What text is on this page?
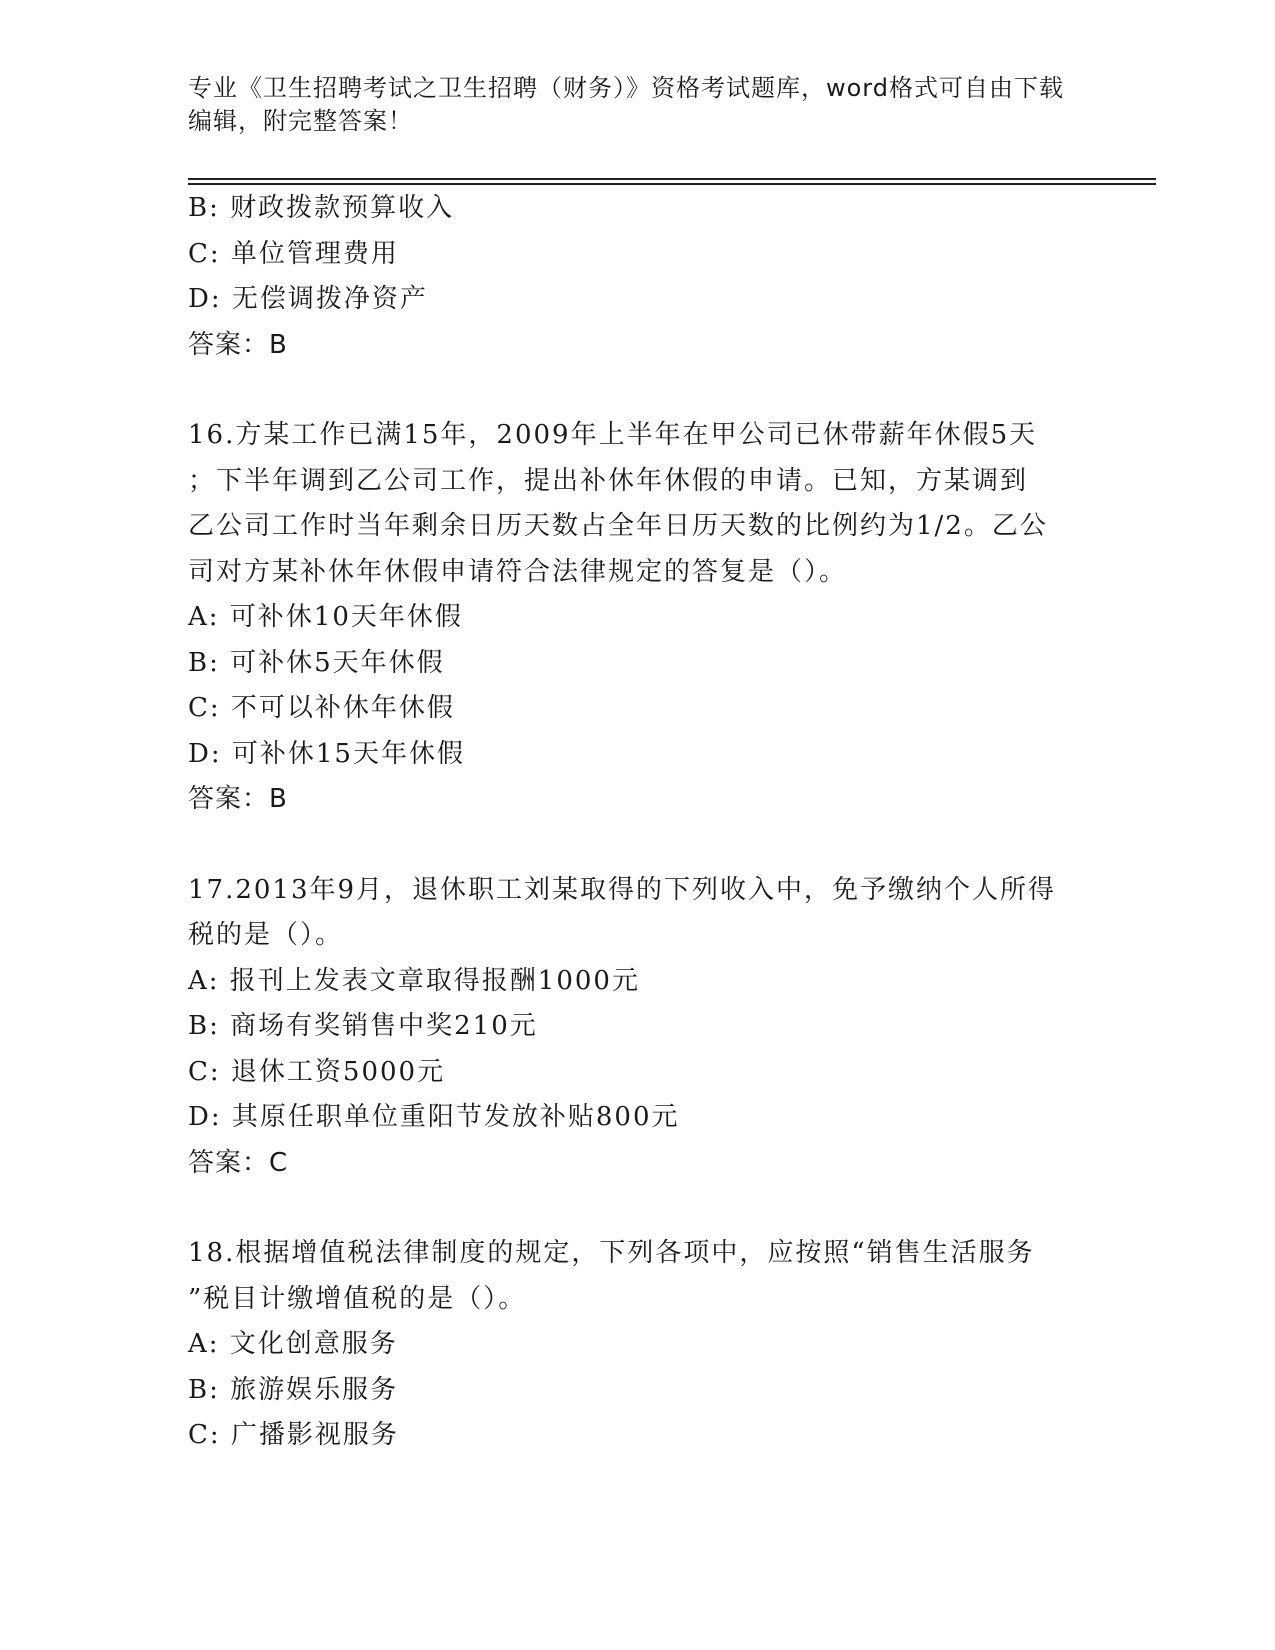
专业《卫生招聘考试之卫生招聘（财务）》资格考试题库，word格式可自由下载
编辑，附完整答案！
B: 财政拨款预算收入
C: 单位管理费用
D: 无偿调拨净资产
答案：B
16.方某工作已满15年，2009年上半年在甲公司已休带薪年休假5天
；下半年调到乙公司工作，提出补休年休假的申请。已知，方某调到
乙公司工作时当年剩余日历天数占全年日历天数的比例约为1/2。乙公
司对方某补休年休假申请符合法律规定的答复是（）。
A: 可补休10天年休假
B: 可补休5天年休假
C: 不可以补休年休假
D: 可补休15天年休假
答案：B
17.2013年9月，退休职工刘某取得的下列收入中，免予缴纳个人所得
税的是（）。
A: 报刊上发表文章取得报酬1000元
B: 商场有奖销售中奖210元
C: 退休工资5000元
D: 其原任职单位重阳节发放补贴800元
答案：C
18.根据增值税法律制度的规定，下列各项中，应按照“销售生活服务
”税目计缴增值税的是（）。
A: 文化创意服务
B: 旅游娱乐服务
C: 广播影视服务
